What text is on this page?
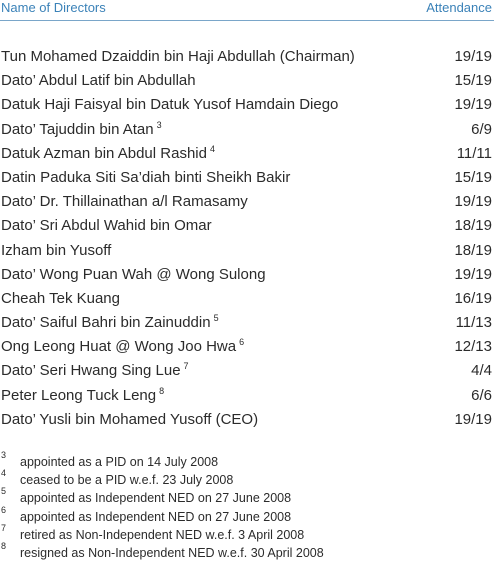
Name of Directors	Attendance
Tun Mohamed Dzaiddin bin Haji Abdullah (Chairman)	19/19
Dato’ Abdul Latif bin Abdullah	15/19
Datuk Haji Faisyal bin Datuk Yusof Hamdain Diego	19/19
Dato’ Tajuddin bin Atan $^3$	6/9
Datuk Azman bin Abdul Rashid $^4$	11/11
Datin Paduka Siti Sa’diah binti Sheikh Bakir	15/19
Dato’ Dr. Thillainathan a/l Ramasamy	19/19
Dato’ Sri Abdul Wahid bin Omar	18/19
Izham bin Yusoff	18/19
Dato’ Wong Puan Wah @ Wong Sulong	19/19
Cheah Tek Kuang	16/19
Dato’ Saiful Bahri bin Zainuddin $^5$	11/13
Ong Leong Huat @ Wong Joo Hwa $^6$	12/13
Dato’ Seri Hwang Sing Lue $^7$	4/4
Peter Leong Tuck Leng $^8$	6/6
Dato’ Yusli bin Mohamed Yusoff (CEO)	19/19
3 appointed as a PID on 14 July 2008
4 ceased to be a PID w.e.f. 23 July 2008
5 appointed as Independent NED on 27 June 2008
6 appointed as Independent NED on 27 June 2008
7 retired as Non-Independent NED w.e.f. 3 April 2008
8 resigned as Non-Independent NED w.e.f. 30 April 2008
